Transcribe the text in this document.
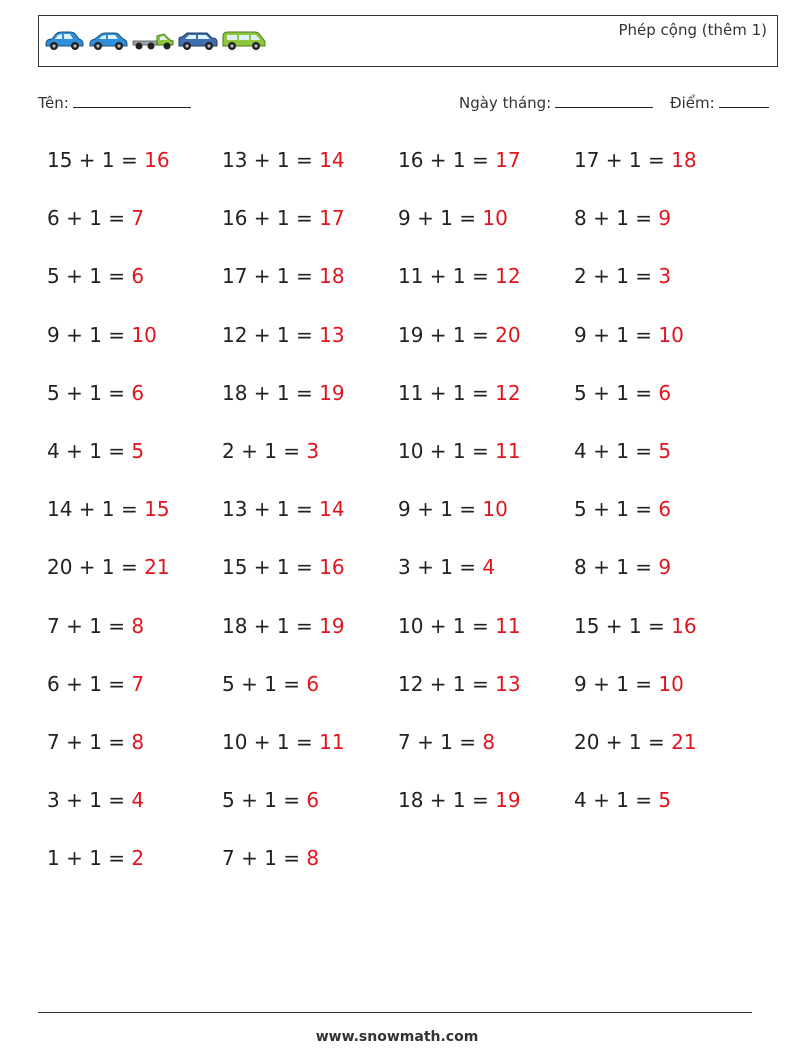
Phép cộng (thêm 1)
Tên:	Ngày tháng:	Điểm:
15 + 1 = 16
6 + 1 = 7
5 + 1 = 6
9 + 1 = 10
5 + 1 = 6
4 + 1 = 5
14 + 1 = 15
20 + 1 = 21
7 + 1 = 8
6 + 1 = 7
7 + 1 = 8
3 + 1 = 4
1 + 1 = 2
13 + 1 = 14
16 + 1 = 17
17 + 1 = 18
12 + 1 = 13
18 + 1 = 19
2 + 1 = 3
13 + 1 = 14
15 + 1 = 16
18 + 1 = 19
5 + 1 = 6
10 + 1 = 11
5 + 1 = 6
7 + 1 = 8
16 + 1 = 17
9 + 1 = 10
11 + 1 = 12
19 + 1 = 20
11 + 1 = 12
10 + 1 = 11
9 + 1 = 10
3 + 1 = 4
10 + 1 = 11
12 + 1 = 13
7 + 1 = 8
18 + 1 = 19
17 + 1 = 18
8 + 1 = 9
2 + 1 = 3
9 + 1 = 10
5 + 1 = 6
4 + 1 = 5
5 + 1 = 6
8 + 1 = 9
15 + 1 = 16
9 + 1 = 10
20 + 1 = 21
4 + 1 = 5
www.snowmath.com
